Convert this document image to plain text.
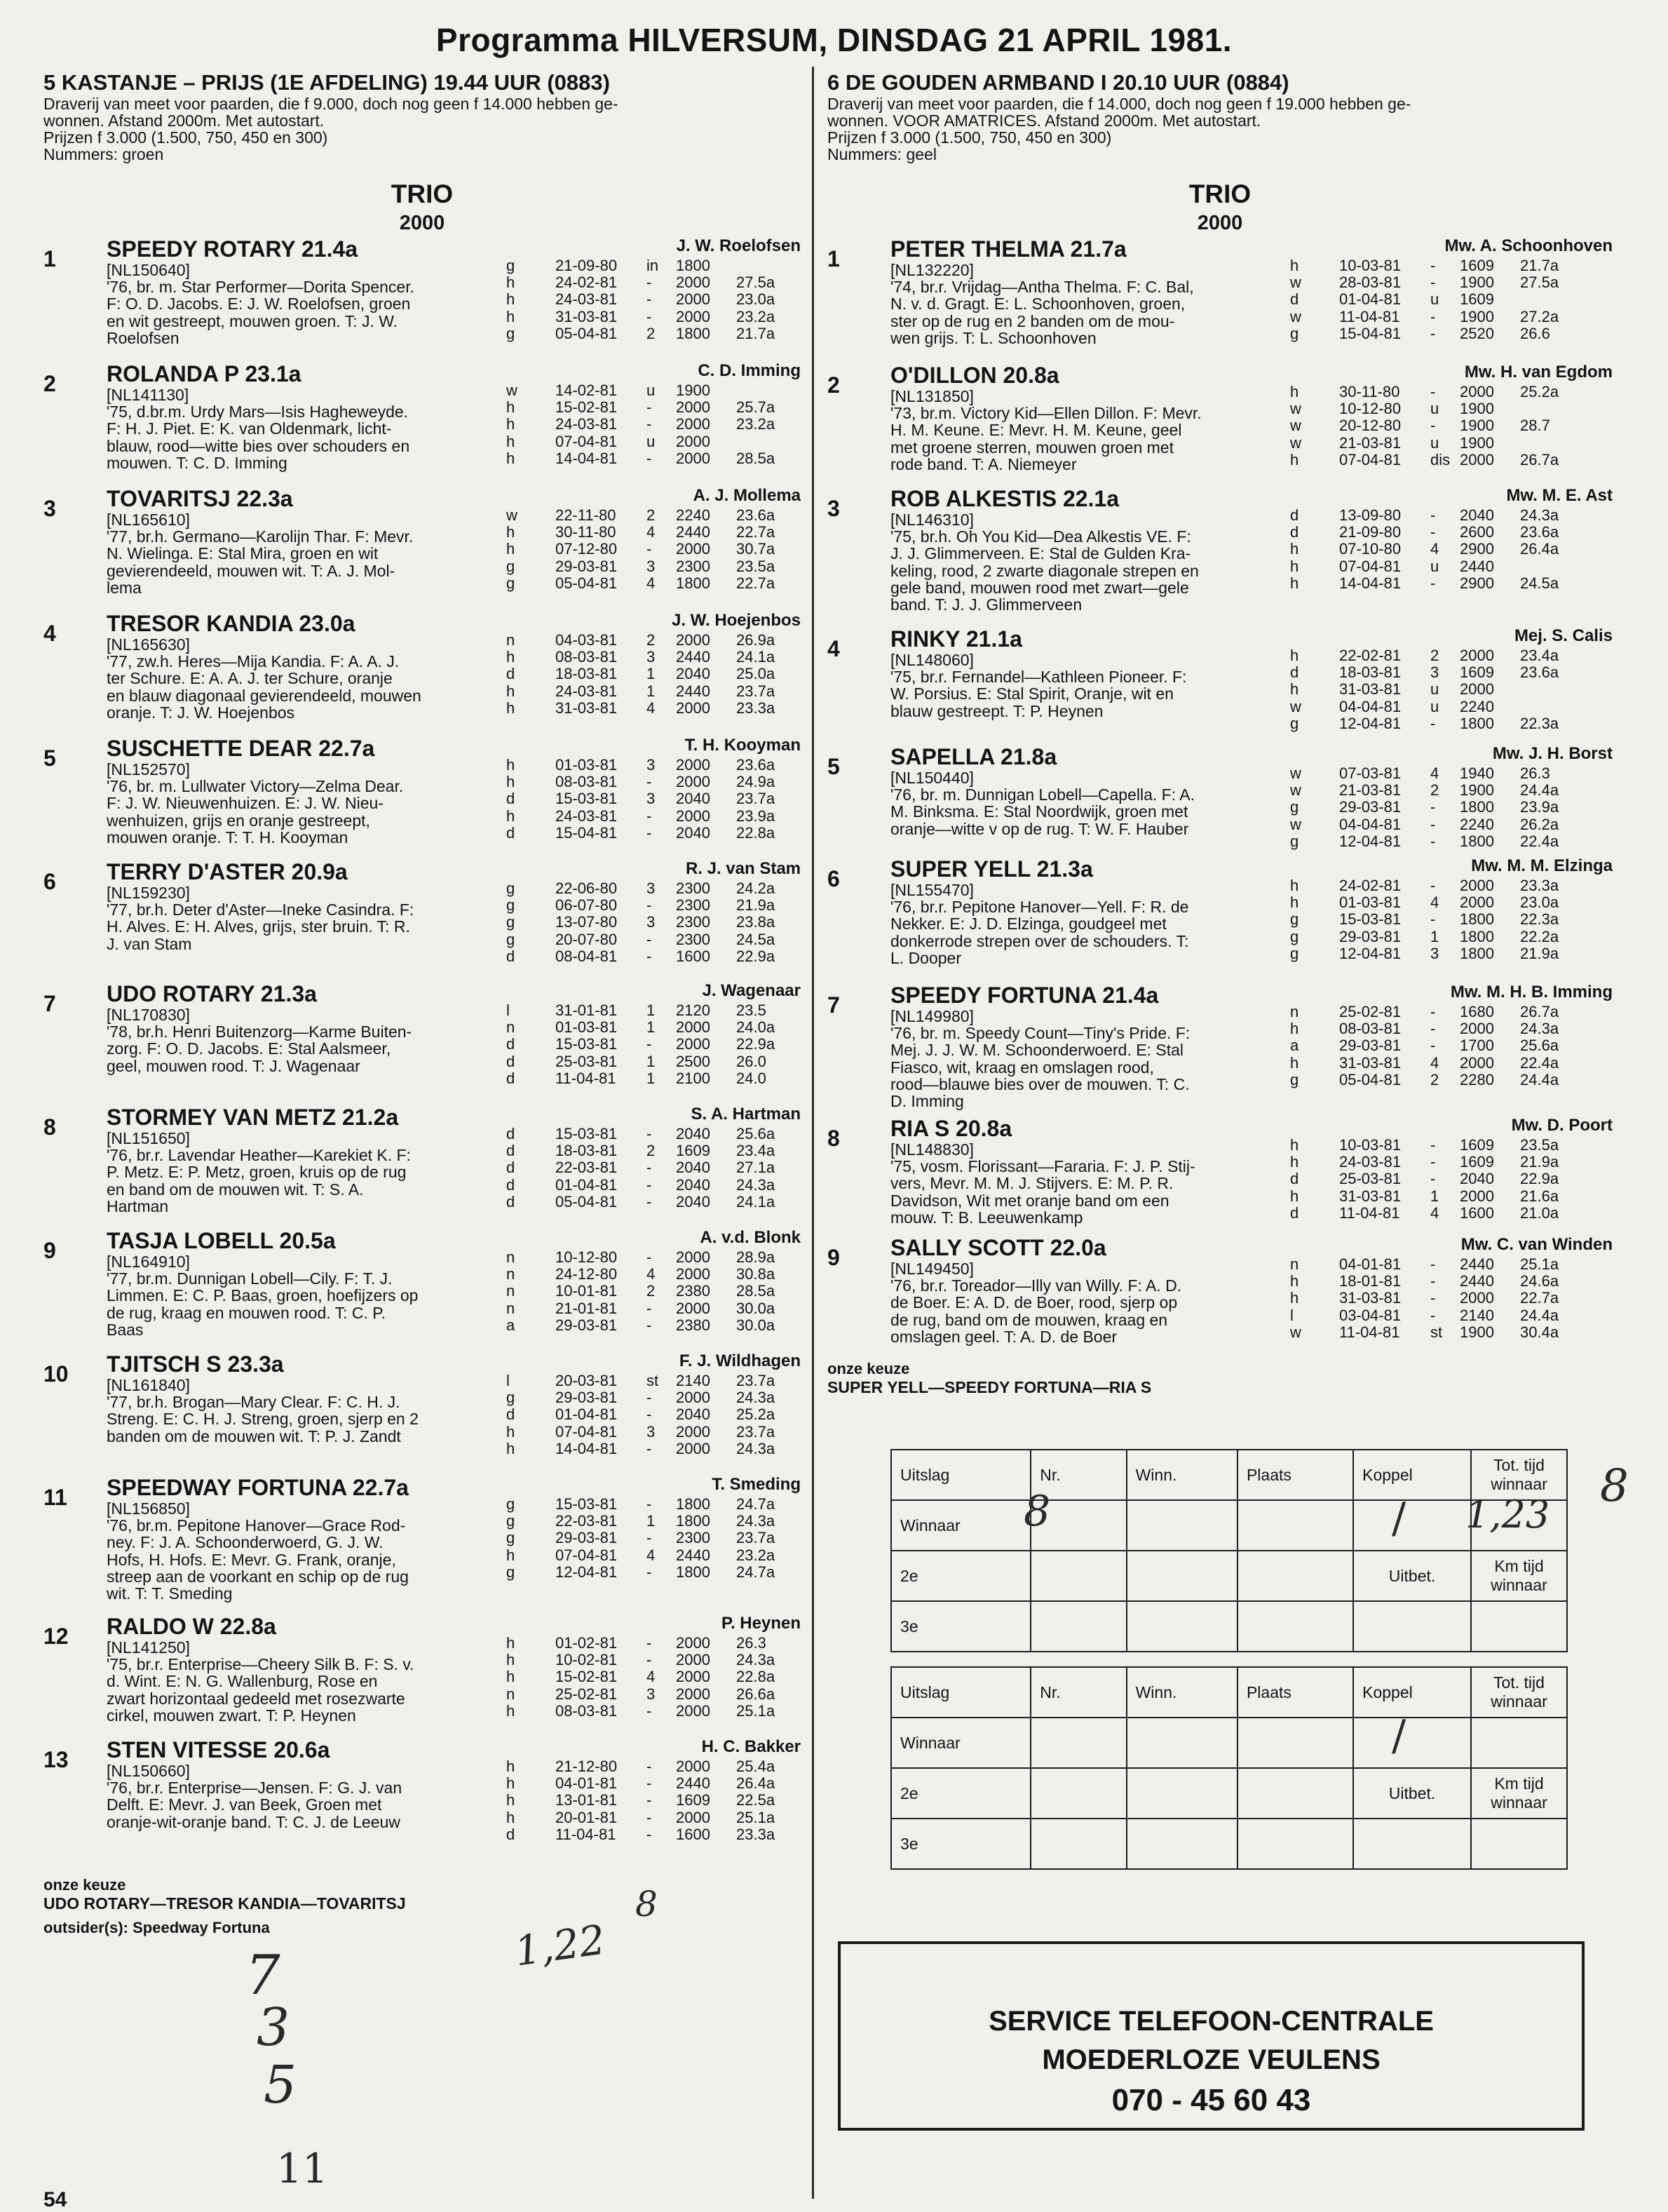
Programma HILVERSUM, DINSDAG 21 APRIL 1981.
5 KASTANJE – PRIJS (1E AFDELING) 19.44 UUR (0883)
Draverij van meet voor paarden, die f 9.000, doch nog geen f 14.000 hebben ge-
wonnen. Afstand 2000m. Met autostart.
Prijzen f 3.000 (1.500, 750, 450 en 300)
Nummers: groen
TRIO
2000
1	SPEEDY ROTARY 21.4a
[NL150640]
'76, br. m. Star Performer—Dorita Spencer.
F: O. D. Jacobs. E: J. W. Roelofsen, groen
en wit gestreept, mouwen groen. T: J. W.
Roelofsen
J. W. Roelofsen
g	21-09-80	in	1800
h	24-02-81	-	2000	27.5a
h	24-03-81	-	2000	23.0a
h	31-03-81	-	2000	23.2a
g	05-04-81	2	1800	21.7a
2	ROLANDA P 23.1a
[NL141130]
'75, d.br.m. Urdy Mars—Isis Hagheweyde.
F: H. J. Piet. E: K. van Oldenmark, licht-
blauw, rood—witte bies over schouders en
mouwen. T: C. D. Imming
C. D. Imming
w	14-02-81	u	1900
h	15-02-81	-	2000	25.7a
h	24-03-81	-	2000	23.2a
h	07-04-81	u	2000
h	14-04-81	-	2000	28.5a
3	TOVARITSJ 22.3a
[NL165610]
'77, br.h. Germano—Karolijn Thar. F: Mevr.
N. Wielinga. E: Stal Mira, groen en wit
gevierendeeld, mouwen wit. T: A. J. Mol-
lema
A. J. Mollema
w	22-11-80	2	2240	23.6a
h	30-11-80	4	2440	22.7a
h	07-12-80	-	2000	30.7a
g	29-03-81	3	2300	23.5a
g	05-04-81	4	1800	22.7a
4	TRESOR KANDIA 23.0a
[NL165630]
'77, zw.h. Heres—Mija Kandia. F: A. A. J.
ter Schure. E: A. A. J. ter Schure, oranje
en blauw diagonaal gevierendeeld, mouwen
oranje. T: J. W. Hoejenbos
J. W. Hoejenbos
n	04-03-81	2	2000	26.9a
h	08-03-81	3	2440	24.1a
d	18-03-81	1	2040	25.0a
h	24-03-81	1	2440	23.7a
h	31-03-81	4	2000	23.3a
5	SUSCHETTE DEAR 22.7a
[NL152570]
'76, br. m. Lullwater Victory—Zelma Dear.
F: J. W. Nieuwenhuizen. E: J. W. Nieu-
wenhuizen, grijs en oranje gestreept,
mouwen oranje. T: T. H. Kooyman
T. H. Kooyman
h	01-03-81	3	2000	23.6a
h	08-03-81	-	2000	24.9a
d	15-03-81	3	2040	23.7a
h	24-03-81	-	2000	23.9a
d	15-04-81	-	2040	22.8a
6	TERRY D'ASTER 20.9a
[NL159230]
'77, br.h. Deter d'Aster—Ineke Casindra. F:
H. Alves. E: H. Alves, grijs, ster bruin. T: R.
J. van Stam
R. J. van Stam
g	22-06-80	3	2300	24.2a
g	06-07-80	-	2300	21.9a
g	13-07-80	3	2300	23.8a
g	20-07-80	-	2300	24.5a
d	08-04-81	-	1600	22.9a
7	UDO ROTARY 21.3a
[NL170830]
'78, br.h. Henri Buitenzorg—Karme Buiten-
zorg. F: O. D. Jacobs. E: Stal Aalsmeer,
geel, mouwen rood. T: J. Wagenaar
J. Wagenaar
l	31-01-81	1	2120	23.5
n	01-03-81	1	2000	24.0a
d	15-03-81	-	2000	22.9a
d	25-03-81	1	2500	26.0
d	11-04-81	1	2100	24.0
8	STORMEY VAN METZ 21.2a
[NL151650]
'76, br.r. Lavendar Heather—Karekiet K. F:
P. Metz. E: P. Metz, groen, kruis op de rug
en band om de mouwen wit. T: S. A.
Hartman
S. A. Hartman
d	15-03-81	-	2040	25.6a
d	18-03-81	2	1609	23.4a
d	22-03-81	-	2040	27.1a
d	01-04-81	-	2040	24.3a
d	05-04-81	-	2040	24.1a
9	TASJA LOBELL 20.5a
[NL164910]
'77, br.m. Dunnigan Lobell—Cily. F: T. J.
Limmen. E: C. P. Baas, groen, hoefijzers op
de rug, kraag en mouwen rood. T: C. P.
Baas
A. v.d. Blonk
n	10-12-80	-	2000	28.9a
n	24-12-80	4	2000	30.8a
n	10-01-81	2	2380	28.5a
n	21-01-81	-	2000	30.0a
a	29-03-81	-	2380	30.0a
10	TJITSCH S 23.3a
[NL161840]
'77, br.h. Brogan—Mary Clear. F: C. H. J.
Streng. E: C. H. J. Streng, groen, sjerp en 2
banden om de mouwen wit. T: P. J. Zandt
F. J. Wildhagen
l	20-03-81	st	2140	23.7a
g	29-03-81	-	2000	24.3a
d	01-04-81	-	2040	25.2a
h	07-04-81	3	2000	23.7a
h	14-04-81	-	2000	24.3a
11	SPEEDWAY FORTUNA 22.7a
[NL156850]
'76, br.m. Pepitone Hanover—Grace Rod-
ney. F: J. A. Schoonderwoerd, G. J. W.
Hofs, H. Hofs. E: Mevr. G. Frank, oranje,
streep aan de voorkant en schip op de rug
wit. T: T. Smeding
T. Smeding
g	15-03-81	-	1800	24.7a
g	22-03-81	1	1800	24.3a
g	29-03-81	-	2300	23.7a
h	07-04-81	4	2440	23.2a
g	12-04-81	-	1800	24.7a
12	RALDO W 22.8a
[NL141250]
'75, br.r. Enterprise—Cheery Silk B. F: S. v.
d. Wint. E: N. G. Wallenburg, Rose en
zwart horizontaal gedeeld met rosezwarte
cirkel, mouwen zwart. T: P. Heynen
P. Heynen
h	01-02-81	-	2000	26.3
h	10-02-81	-	2000	24.3a
h	15-02-81	4	2000	22.8a
n	25-02-81	3	2000	26.6a
h	08-03-81	-	2000	25.1a
13	STEN VITESSE 20.6a
[NL150660]
'76, br.r. Enterprise—Jensen. F: G. J. van
Delft. E: Mevr. J. van Beek, Groen met
oranje-wit-oranje band. T: C. J. de Leeuw
H. C. Bakker
h	21-12-80	-	2000	25.4a
h	04-01-81	-	2440	26.4a
h	13-01-81	-	1609	22.5a
h	20-01-81	-	2000	25.1a
d	11-04-81	-	1600	23.3a
onze keuze
UDO ROTARY—TRESOR KANDIA—TOVARITSJ
outsider(s): Speedway Fortuna
6 DE GOUDEN ARMBAND I 20.10 UUR (0884)
Draverij van meet voor paarden, die f 14.000, doch nog geen f 19.000 hebben ge-
wonnen. VOOR AMATRICES. Afstand 2000m. Met autostart.
Prijzen f 3.000 (1.500, 750, 450 en 300)
Nummers: geel
TRIO
2000
1	PETER THELMA 21.7a
[NL132220]
'74, br.r. Vrijdag—Antha Thelma. F: C. Bal,
N. v. d. Gragt. E: L. Schoonhoven, groen,
ster op de rug en 2 banden om de mou-
wen grijs. T: L. Schoonhoven
Mw. A. Schoonhoven
h	10-03-81	-	1609	21.7a
w	28-03-81	-	1900	27.5a
d	01-04-81	u	1609
w	11-04-81	-	1900	27.2a
g	15-04-81	-	2520	26.6
2	O'DILLON 20.8a
[NL131850]
'73, br.m. Victory Kid—Ellen Dillon. F: Mevr.
H. M. Keune. E: Mevr. H. M. Keune, geel
met groene sterren, mouwen groen met
rode band. T: A. Niemeyer
Mw. H. van Egdom
h	30-11-80	-	2000	25.2a
w	10-12-80	u	1900
w	20-12-80	-	1900	28.7
w	21-03-81	u	1900
h	07-04-81	dis 2000	26.7a
3	ROB ALKESTIS 22.1a
[NL146310]
'75, br.h. Oh You Kid—Dea Alkestis VE. F:
J. J. Glimmerveen. E: Stal de Gulden Kra-
keling, rood, 2 zwarte diagonale strepen en
gele band, mouwen rood met zwart—gele
band. T: J. J. Glimmerveen
Mw. M. E. Ast
d	13-09-80	-	2040	24.3a
d	21-09-80	-	2600	23.6a
h	07-10-80	4	2900	26.4a
h	07-04-81	u	2440
h	14-04-81	-	2900	24.5a
4	RINKY 21.1a
[NL148060]
'75, br.r. Fernandel—Kathleen Pioneer. F:
W. Porsius. E: Stal Spirit, Oranje, wit en
blauw gestreept. T: P. Heynen
Mej. S. Calis
h	22-02-81	2	2000	23.4a
d	18-03-81	3	1609	23.6a
h	31-03-81	u	2000
w	04-04-81	u	2240
g	12-04-81	-	1800	22.3a
5	SAPELLA 21.8a
[NL150440]
'76, br. m. Dunnigan Lobell—Capella. F: A.
M. Binksma. E: Stal Noordwijk, groen met
oranje—witte v op de rug. T: W. F. Hauber
Mw. J. H. Borst
w	07-03-81	4	1940	26.3
w	21-03-81	2	1900	24.4a
g	29-03-81	-	1800	23.9a
w	04-04-81	-	2240	26.2a
g	12-04-81	-	1800	22.4a
6	SUPER YELL 21.3a
[NL155470]
'76, br.r. Pepitone Hanover—Yell. F: R. de
Nekker. E: J. D. Elzinga, goudgeel met
donkerrode strepen over de schouders. T:
L. Dooper
Mw. M. M. Elzinga
h	24-02-81	-	2000	23.3a
h	01-03-81	4	2000	23.0a
g	15-03-81	-	1800	22.3a
g	29-03-81	1	1800	22.2a
g	12-04-81	3	1800	21.9a
7	SPEEDY FORTUNA 21.4a
[NL149980]
'76, br. m. Speedy Count—Tiny's Pride. F:
Mej. J. J. W. M. Schoonderwoerd. E: Stal
Fiasco, wit, kraag en omslagen rood,
rood—blauwe bies over de mouwen. T: C.
D. Imming
Mw. M. H. B. Imming
n	25-02-81	-	1680	26.7a
h	08-03-81	-	2000	24.3a
a	29-03-81	-	1700	25.6a
h	31-03-81	4	2000	22.4a
g	05-04-81	2	2280	24.4a
8	RIA S 20.8a
[NL148830]
'75, vosm. Florissant—Fararia. F: J. P. Stij-
vers, Mevr. M. M. J. Stijvers. E: M. P. R.
Davidson, Wit met oranje band om een
mouw. T: B. Leeuwenkamp
Mw. D. Poort
h	10-03-81	-	1609	23.5a
h	24-03-81	-	1609	21.9a
d	25-03-81	-	2040	22.9a
h	31-03-81	1	2000	21.6a
d	11-04-81	4	1600	21.0a
9	SALLY SCOTT 22.0a
[NL149450]
'76, br.r. Toreador—Illy van Willy. F: A. D.
de Boer. E: A. D. de Boer, rood, sjerp op
de rug, band om de mouwen, kraag en
omslagen geel. T: A. D. de Boer
Mw. C. van Winden
n	04-01-81	-	2440	25.1a
h	18-01-81	-	2440	24.6a
h	31-03-81	-	2000	22.7a
l	03-04-81	-	2140	24.4a
w	11-04-81	st	1900	30.4a
onze keuze
SUPER YELL—SPEEDY FORTUNA—RIA S
Uitslag	Nr.	Winn.	Plaats	Koppel	Tot. tijd winnaar
Winnaar					
2e				Uitbet.	Km tijd winnaar
3e					
Uitslag	Nr.	Winn.	Plaats	Koppel	Tot. tijd winnaar
Winnaar					
2e				Uitbet.	Km tijd winnaar
3e					
SERVICE TELEFOON-CENTRALE
MOEDERLOZE VEULENS
070 - 45 60 43
8	/ 1,23
8
/
1,22
8
7
3
5
11
54
